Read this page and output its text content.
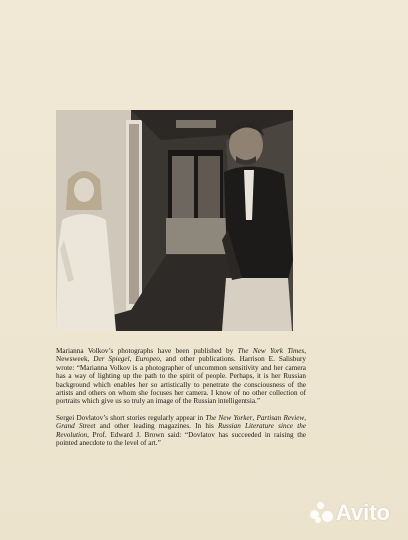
Marianna Volkov’s photographs have been published by The New York Times, Newsweek, Der Spiegel, Europeo, and other publications. Harrison E. Salisbury wrote: “Marianna Volkov is a photographer of uncommon sensitivity and her camera has a way of lighting up the path to the spirit of people. Perhaps, it is her Russian background which enables her so artistically to penetrate the consciousness of the artists and others on whom she focuses her camera. I know of no other collection of portraits which give us so truly an image of the Russian intelligentsia.”

Sergei Dovlatov’s short stories regularly appear in The New Yorker, Partisan Review, Grand Street and other leading magazines. In his Russian Literature since the Revolution, Prof. Edward J. Brown said: “Dovlatov has succeeded in raising the pointed anecdote to the level of art.”

Avito
